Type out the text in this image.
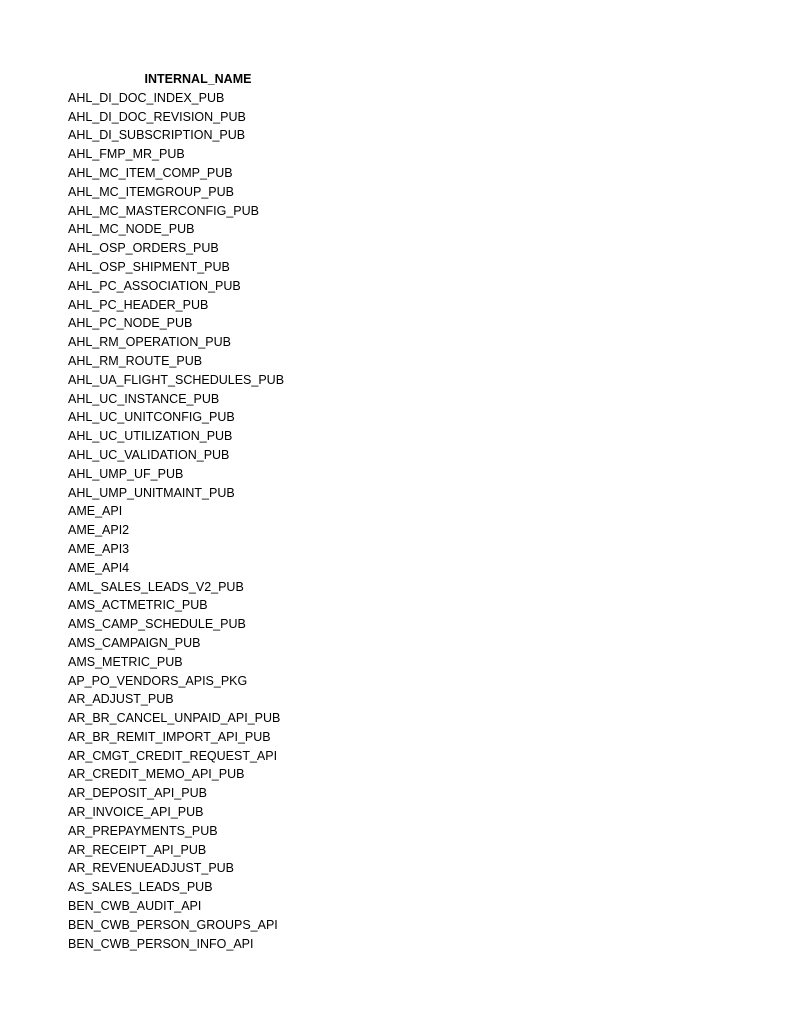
INTERNAL_NAME
AHL_DI_DOC_INDEX_PUB
AHL_DI_DOC_REVISION_PUB
AHL_DI_SUBSCRIPTION_PUB
AHL_FMP_MR_PUB
AHL_MC_ITEM_COMP_PUB
AHL_MC_ITEMGROUP_PUB
AHL_MC_MASTERCONFIG_PUB
AHL_MC_NODE_PUB
AHL_OSP_ORDERS_PUB
AHL_OSP_SHIPMENT_PUB
AHL_PC_ASSOCIATION_PUB
AHL_PC_HEADER_PUB
AHL_PC_NODE_PUB
AHL_RM_OPERATION_PUB
AHL_RM_ROUTE_PUB
AHL_UA_FLIGHT_SCHEDULES_PUB
AHL_UC_INSTANCE_PUB
AHL_UC_UNITCONFIG_PUB
AHL_UC_UTILIZATION_PUB
AHL_UC_VALIDATION_PUB
AHL_UMP_UF_PUB
AHL_UMP_UNITMAINT_PUB
AME_API
AME_API2
AME_API3
AME_API4
AML_SALES_LEADS_V2_PUB
AMS_ACTMETRIC_PUB
AMS_CAMP_SCHEDULE_PUB
AMS_CAMPAIGN_PUB
AMS_METRIC_PUB
AP_PO_VENDORS_APIS_PKG
AR_ADJUST_PUB
AR_BR_CANCEL_UNPAID_API_PUB
AR_BR_REMIT_IMPORT_API_PUB
AR_CMGT_CREDIT_REQUEST_API
AR_CREDIT_MEMO_API_PUB
AR_DEPOSIT_API_PUB
AR_INVOICE_API_PUB
AR_PREPAYMENTS_PUB
AR_RECEIPT_API_PUB
AR_REVENUEADJUST_PUB
AS_SALES_LEADS_PUB
BEN_CWB_AUDIT_API
BEN_CWB_PERSON_GROUPS_API
BEN_CWB_PERSON_INFO_API
